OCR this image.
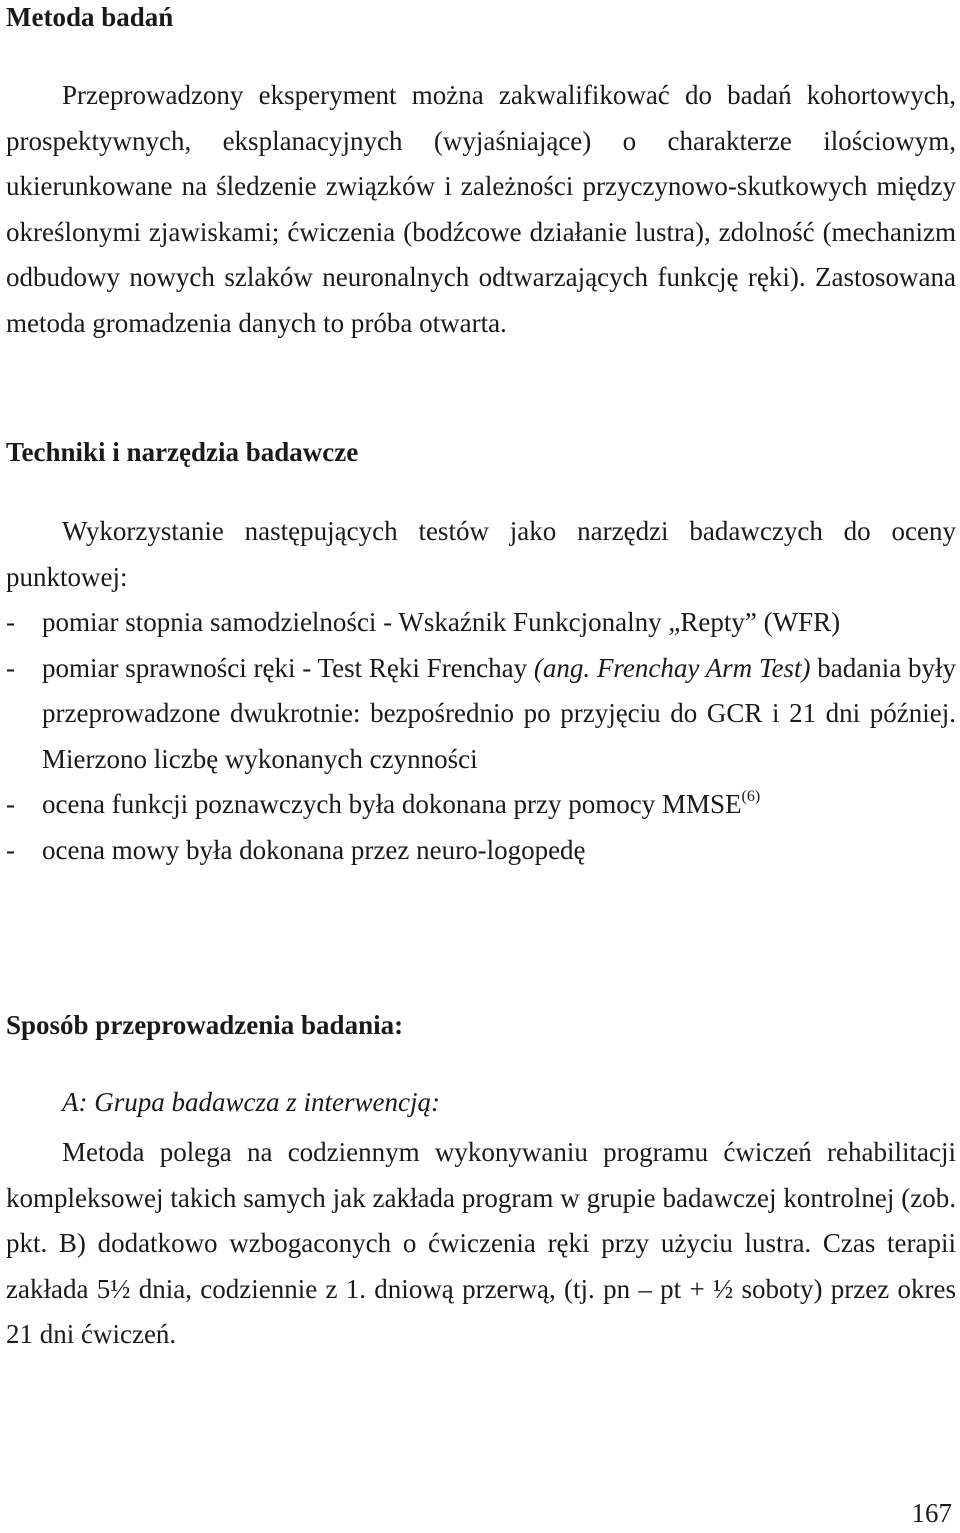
Metoda badań

Przeprowadzony eksperyment można zakwalifikować do badań kohortowych, prospektywnych, eksplanacyjnych (wyjaśniające) o charakterze ilościowym, ukierunkowane na śledzenie związków i zależności przyczynowo-skutkowych między określonymi zjawiskami; ćwiczenia (bodźcowe działanie lustra), zdolność (mechanizm odbudowy nowych szlaków neuronalnych odtwarzających funkcję ręki). Zastosowana metoda gromadzenia danych to próba otwarta.

Techniki i narzędzia badawcze

Wykorzystanie następujących testów jako narzędzi badawczych do oceny punktowej:

- pomiar stopnia samodzielności - Wskaźnik Funkcjonalny „Repty” (WFR)
- pomiar sprawności ręki - Test Ręki Frenchay (ang. Frenchay Arm Test) badania były przeprowadzone dwukrotnie: bezpośrednio po przyjęciu do GCR i 21 dni później. Mierzono liczbę wykonanych czynności
- ocena funkcji poznawczych była dokonana przy pomocy MMSE$^{(6)}$
- ocena mowy była dokonana przez neuro-logopedę
Sposób przeprowadzenia badania:

A: Grupa badawcza z interwencją:

Metoda polega na codziennym wykonywaniu programu ćwiczeń rehabilitacji kompleksowej takich samych jak zakłada program w grupie badawczej kontrolnej (zob. pkt. B) dodatkowo wzbogaconych o ćwiczenia ręki przy użyciu lustra. Czas terapii zakłada 5½ dnia, codziennie z 1. dniową przerwą, (tj. pn – pt + ½ soboty) przez okres 21 dni ćwiczeń.

167
